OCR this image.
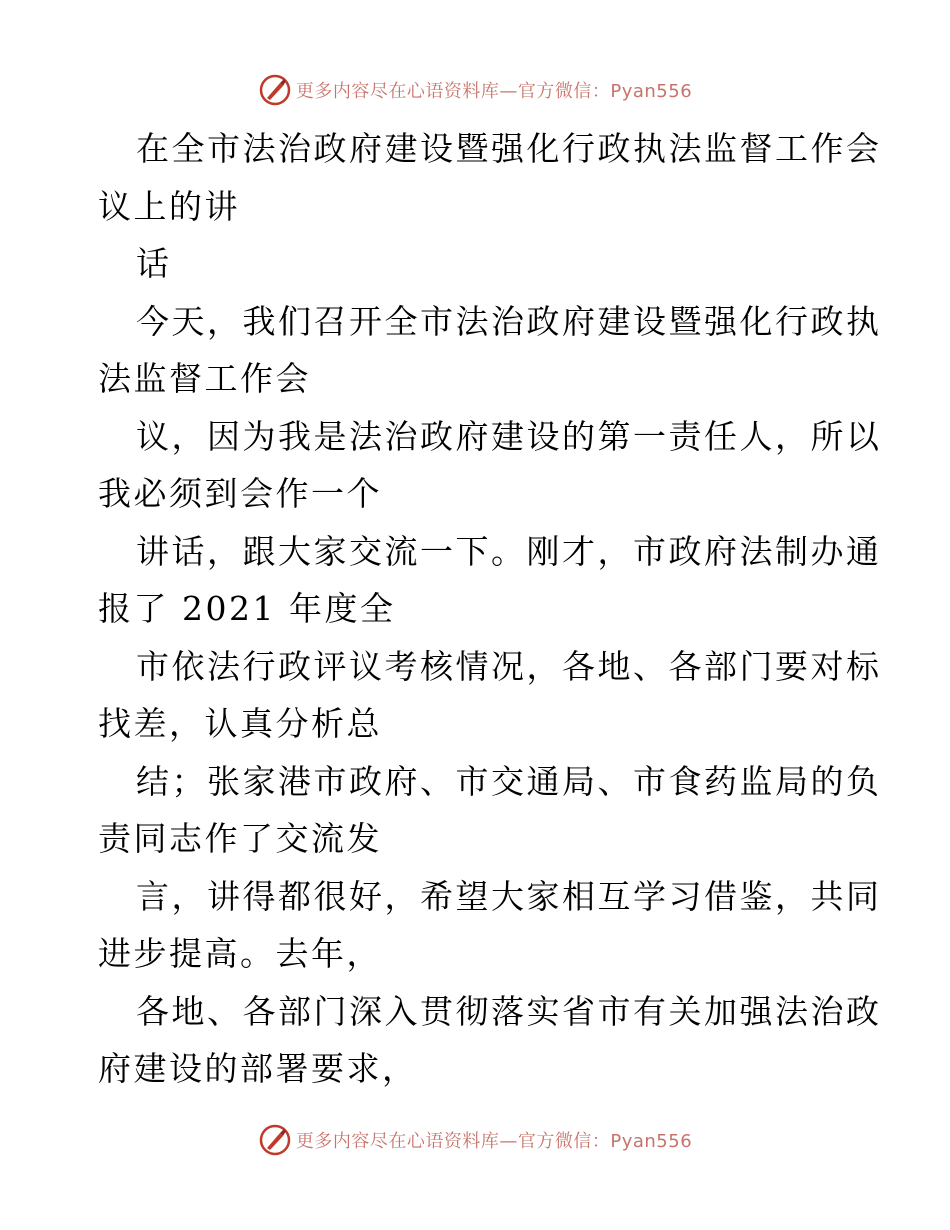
更多内容尽在心语资料库 —官方微信：Pyan556

在全市法治政府建设暨强化行政执法监督工作会
议上的讲

话

今天，我们召开全市法治政府建设暨强化行政执
法监督工作会

议，因为我是法治政府建设的第一责任人，所以
我必须到会作一个

讲话，跟大家交流一下。刚才，市政府法制办通
报了 2021 年度全

市依法行政评议考核情况，各地、各部门要对标
找差，认真分析总

结；张家港市政府、市交通局、市食药监局的负
责同志作了交流发

言，讲得都很好，希望大家相互学习借鉴，共同
进步提高。去年，

各地、各部门深入贯彻落实省市有关加强法治政
府建设的部署要求，

更多内容尽在心语资料库 —官方微信：Pyan556
